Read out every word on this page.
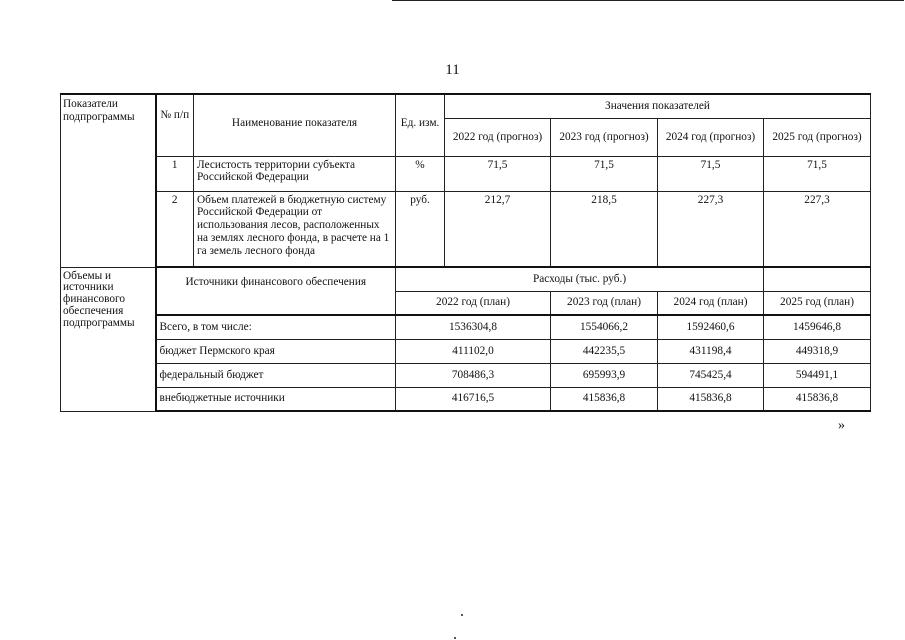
11
Показатели подпрограммы	№ п/п	Наименование показателя	Ед. изм.	Значения показателей				
				2022 год (прогноз)	2023 год (прогноз)	2024 год (прогноз)	2025 год (прогноз)	
	1	Лесистость территории субъекта Российской Федерации	%	71,5	71,5	71,5	71,5	
	2	Объем платежей в бюджетную систему Российской Федерации от использования лесов, расположенных на землях лесного фонда, в расчете на 1 га земель лесного фонда	руб.	212,7	218,5	227,3	227,3	
Объемы и источники финансового обеспечения подпрограммы	Источники финансового обеспечения		Расходы (тыс. руб.)					
			2022 год (план)		2023 год (план)	2024 год (план)	2025 год (план)	
	Всего, в том числе:		1536304,8		1554066,2	1592460,6	1459646,8	
	бюджет Пермского края		411102,0		442235,5	431198,4	449318,9	
	федеральный бюджет		708486,3		695993,9	745425,4	594491,1	
	внебюджетные источники		416716,5		415836,8	415836,8	415836,8	
»
